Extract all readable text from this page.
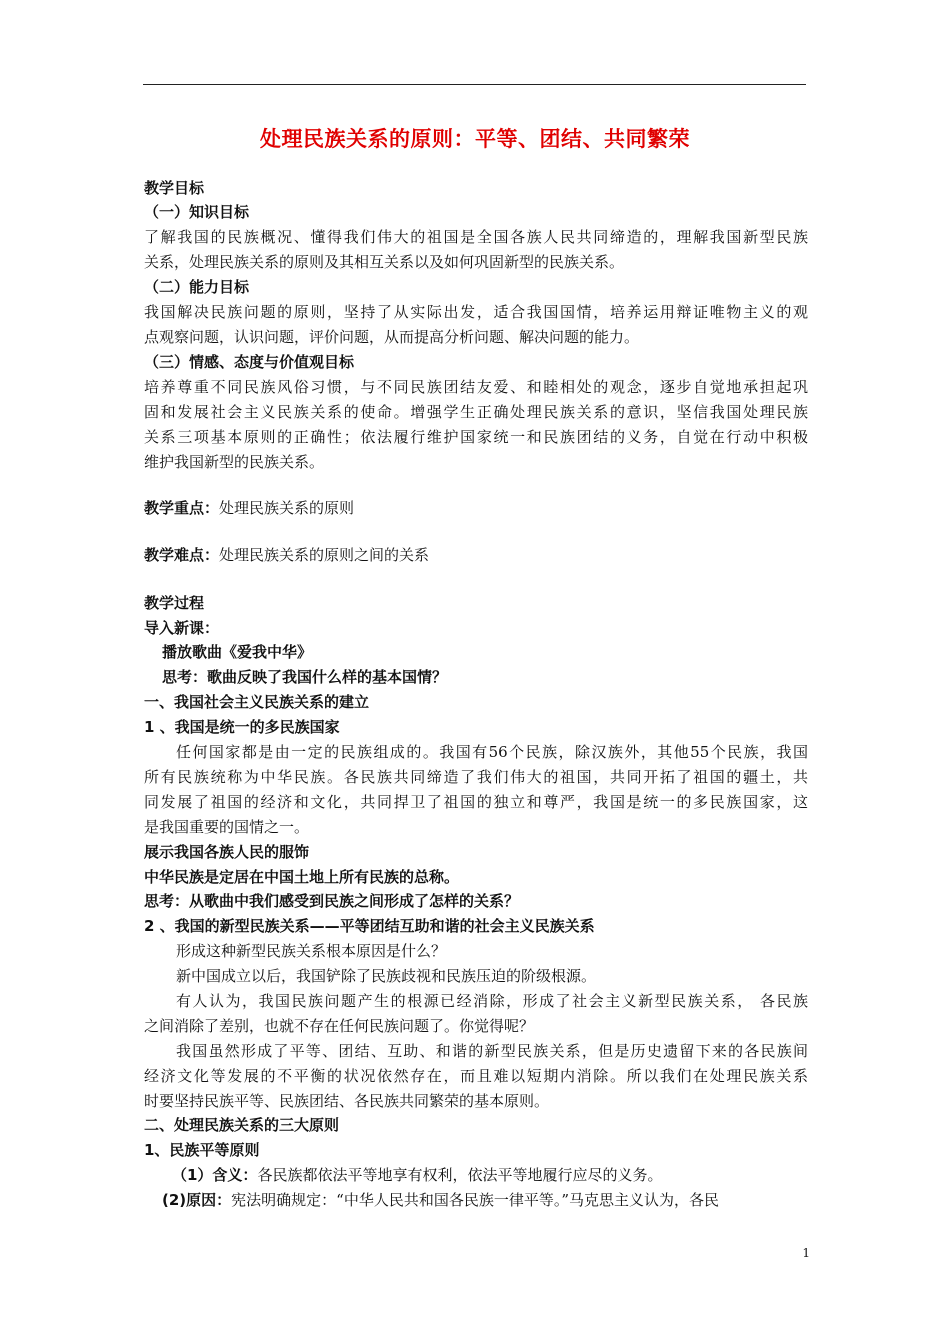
处理民族关系的原则：平等、团结、共同繁荣
教学目标
（一）知识目标
了解我国的民族概况、懂得我们伟大的祖国是全国各族人民共同缔造的，理解我国新型民族
关系，处理民族关系的原则及其相互关系以及如何巩固新型的民族关系。
（二）能力目标
我国解决民族问题的原则，坚持了从实际出发，适合我国国情，培养运用辩证唯物主义的观
点观察问题，认识问题，评价问题，从而提高分析问题、解决问题的能力。
（三）情感、态度与价值观目标
培养尊重不同民族风俗习惯，与不同民族团结友爱、和睦相处的观念，逐步自觉地承担起巩
固和发展社会主义民族关系的使命。增强学生正确处理民族关系的意识，坚信我国处理民族
关系三项基本原则的正确性；依法履行维护国家统一和民族团结的义务，自觉在行动中积极
维护我国新型的民族关系。
教学重点：处理民族关系的原则
教学难点：处理民族关系的原则之间的关系
教学过程
导入新课：
播放歌曲《爱我中华》
思考：歌曲反映了我国什么样的基本国情？
一、我国社会主义民族关系的建立
1 、我国是统一的多民族国家
任何国家都是由一定的民族组成的。我国有56个民族，除汉族外，其他55个民族，我国
所有民族统称为中华民族。各民族共同缔造了我们伟大的祖国，共同开拓了祖国的疆土，共
同发展了祖国的经济和文化，共同捍卫了祖国的独立和尊严，我国是统一的多民族国家，这
是我国重要的国情之一。
展示我国各族人民的服饰
中华民族是定居在中国土地上所有民族的总称。
思考：从歌曲中我们感受到民族之间形成了怎样的关系？
2 、我国的新型民族关系——平等团结互助和谐的社会主义民族关系
形成这种新型民族关系根本原因是什么？
新中国成立以后，我国铲除了民族歧视和民族压迫的阶级根源。
有人认为，我国民族问题产生的根源已经消除，形成了社会主义新型民族关系， 各民族
之间消除了差别，也就不存在任何民族问题了。你觉得呢？
我国虽然形成了平等、团结、互助、和谐的新型民族关系，但是历史遗留下来的各民族间
经济文化等发展的不平衡的状况依然存在，而且难以短期内消除。所以我们在处理民族关系
时要坚持民族平等、民族团结、各民族共同繁荣的基本原则。
二、处理民族关系的三大原则
1、民族平等原则
（1）含义：各民族都依法平等地享有权利，依法平等地履行应尽的义务。
(2)原因：宪法明确规定：“中华人民共和国各民族一律平等。”马克思主义认为，各民
1
